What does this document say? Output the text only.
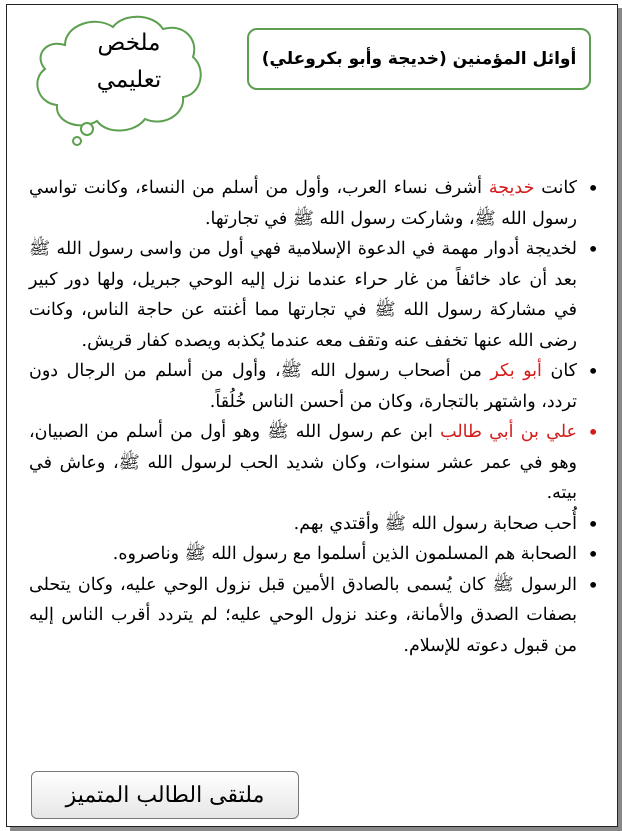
ملخص
تعليمي
أوائل المؤمنين (خديجة وأبو بكروعلي)
• كانت خديجة أشرف نساء العرب، وأول من أسلم من النساء، وكانت تواسي رسول الله ﷺ، وشاركت رسول الله ﷺ في تجارتها.
• لخديجة أدوار مهمة في الدعوة الإسلامية فهي أول من واسى رسول الله ﷺ بعد أن عاد خائفاً من غار حراء عندما نزل إليه الوحي جبريل، ولها دور كبير في مشاركة رسول الله ﷺ في تجارتها مما أغنته عن حاجة الناس، وكانت رضى الله عنها تخفف عنه وتقف معه عندما يُكذبه ويصده كفار قريش.
• كان أبو بكر من أصحاب رسول الله ﷺ، وأول من أسلم من الرجال دون تردد، واشتهر بالتجارة، وكان من أحسن الناس خُلُقاً.
• علي بن أبي طالب ابن عم رسول الله ﷺ وهو أول من أسلم من الصبيان، وهو في عمر عشر سنوات، وكان شديد الحب لرسول الله ﷺ، وعاش في بيته.
• أُحب صحابة رسول الله ﷺ وأقتدي بهم.
• الصحابة هم المسلمون الذين أسلموا مع رسول الله ﷺ وناصروه.
• الرسول ﷺ كان يُسمى بالصادق الأمين قبل نزول الوحي عليه، وكان يتحلى بصفات الصدق والأمانة، وعند نزول الوحي عليه؛ لم يتردد أقرب الناس إليه من قبول دعوته للإسلام.
ملتقى الطالب المتميز
